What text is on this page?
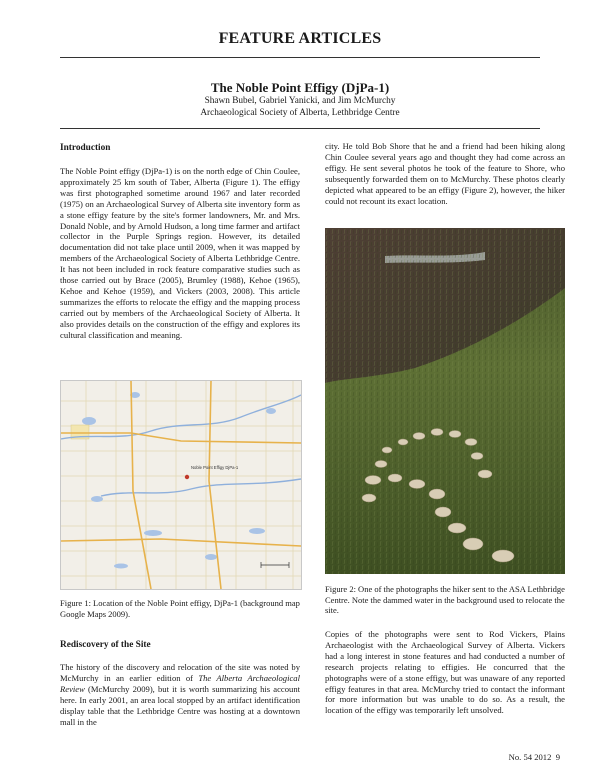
FEATURE ARTICLES
The Noble Point Effigy (DjPa-1)
Shawn Bubel, Gabriel Yanicki, and Jim McMurchy
Archaeological Society of Alberta, Lethbridge Centre
Introduction
The Noble Point effigy (DjPa-1) is on the north edge of Chin Coulee, approximately 25 km south of Taber, Alberta (Figure 1). The effigy was first photographed sometime around 1967 and later recorded (1975) on an Archaeological Survey of Alberta site inventory form as a stone effigy feature by the site's former landowners, Mr. and Mrs. Donald Noble, and by Arnold Hudson, a long time farmer and artifact collector in the Purple Springs region. However, its detailed documentation did not take place until 2009, when it was mapped by members of the Archaeological Society of Alberta Lethbridge Centre. It has not been included in rock feature comparative studies such as those carried out by Brace (2005), Brumley (1988), Kehoe (1965), Kehoe and Kehoe (1959), and Vickers (2003, 2008). This article summarizes the efforts to relocate the effigy and the mapping process carried out by members of the Archaeological Society of Alberta. It also provides details on the construction of the effigy and explores its cultural classification and meaning.
Noble Point Effigy DjPa-1
Figure 1: Location of the Noble Point effigy, DjPa-1 (background map Google Maps 2009).
Rediscovery of the Site
The history of the discovery and relocation of the site was noted by McMurchy in an earlier edition of The Alberta Archaeological Review (McMurchy 2009), but it is worth summarizing his account here. In early 2001, an area local stopped by an artifact identification display table that the Lethbridge Centre was hosting at a downtown mall in the
city. He told Bob Shore that he and a friend had been hiking along Chin Coulee several years ago and thought they had come across an effigy. He sent several photos he took of the feature to Shore, who subsequently forwarded them on to McMurchy. These photos clearly depicted what appeared to be an effigy (Figure 2), however, the hiker could not recount its exact location.
Figure 2: One of the photographs the hiker sent to the ASA Lethbridge Centre. Note the dammed water in the background used to relocate the site.
Copies of the photographs were sent to Rod Vickers, Plains Archaeologist with the Archaeological Survey of Alberta. Vickers had a long interest in stone features and had conducted a number of research projects relating to effigies. He concurred that the photographs were of a stone effigy, but was unaware of any reported effigy features in that area. McMurchy tried to contact the informant for more information but was unable to do so. As a result, the location of the effigy was temporarily left unsolved.
No. 54 2012 9
